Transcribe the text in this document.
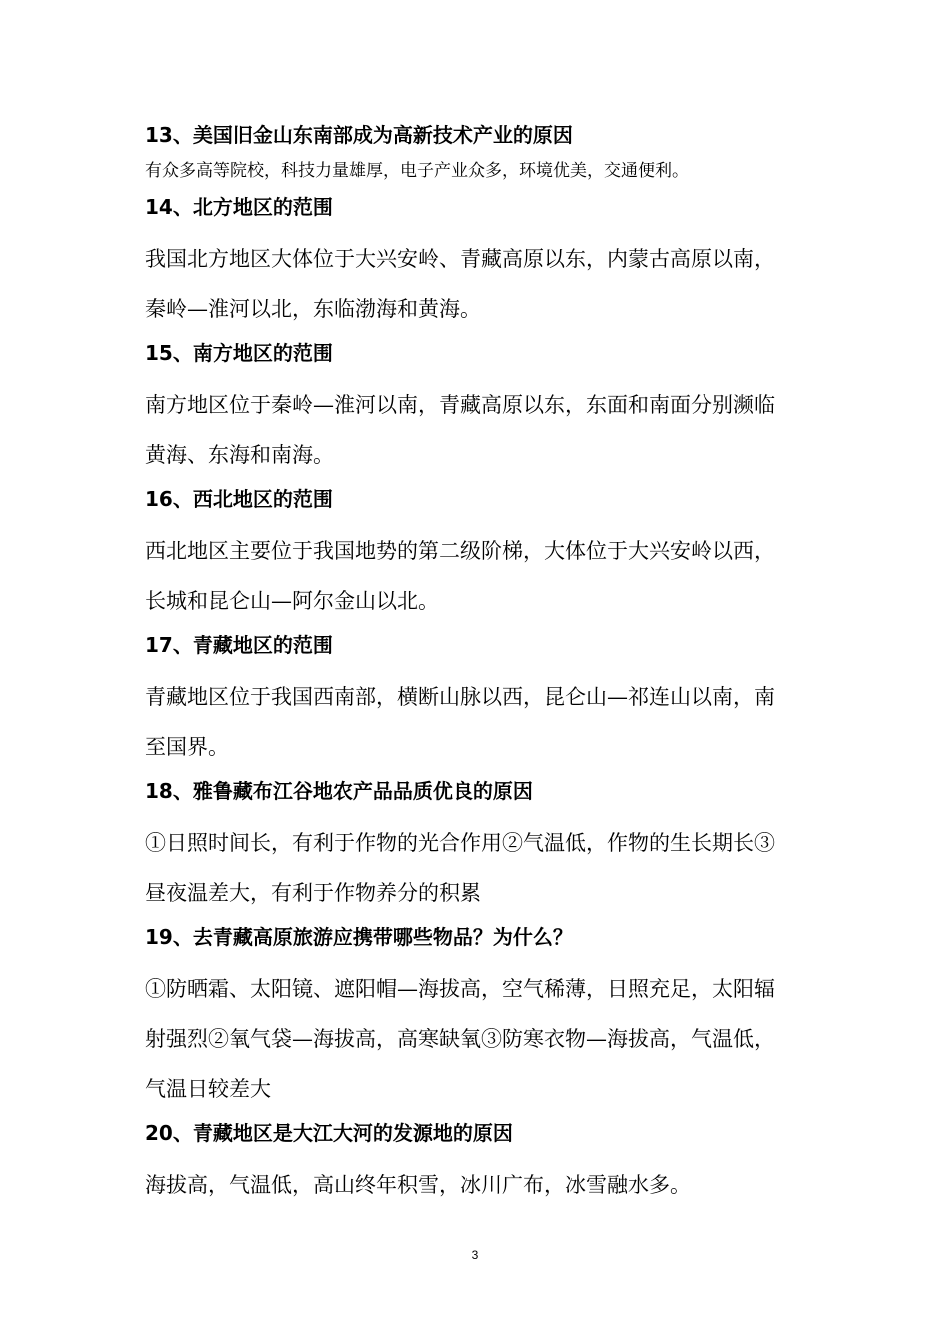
13、美国旧金山东南部成为高新技术产业的原因

有众多高等院校，科技力量雄厚，电子产业众多，环境优美，交通便利。

14、北方地区的范围

我国北方地区大体位于大兴安岭、青藏高原以东，内蒙古高原以南，

秦岭—淮河以北，东临渤海和黄海。

15、南方地区的范围

南方地区位于秦岭—淮河以南，青藏高原以东，东面和南面分别濒临

黄海、东海和南海。

16、西北地区的范围

西北地区主要位于我国地势的第二级阶梯，大体位于大兴安岭以西，

长城和昆仑山—阿尔金山以北。

17、青藏地区的范围

青藏地区位于我国西南部，横断山脉以西，昆仑山—祁连山以南，南

至国界。

18、雅鲁藏布江谷地农产品品质优良的原因

①日照时间长，有利于作物的光合作用②气温低，作物的生长期长③

昼夜温差大，有利于作物养分的积累

19、去青藏高原旅游应携带哪些物品？为什么？

①防晒霜、太阳镜、遮阳帽—海拔高，空气稀薄，日照充足，太阳辐

射强烈②氧气袋—海拔高，高寒缺氧③防寒衣物—海拔高，气温低，

气温日较差大

20、青藏地区是大江大河的发源地的原因

海拔高，气温低，高山终年积雪，冰川广布，冰雪融水多。

3
